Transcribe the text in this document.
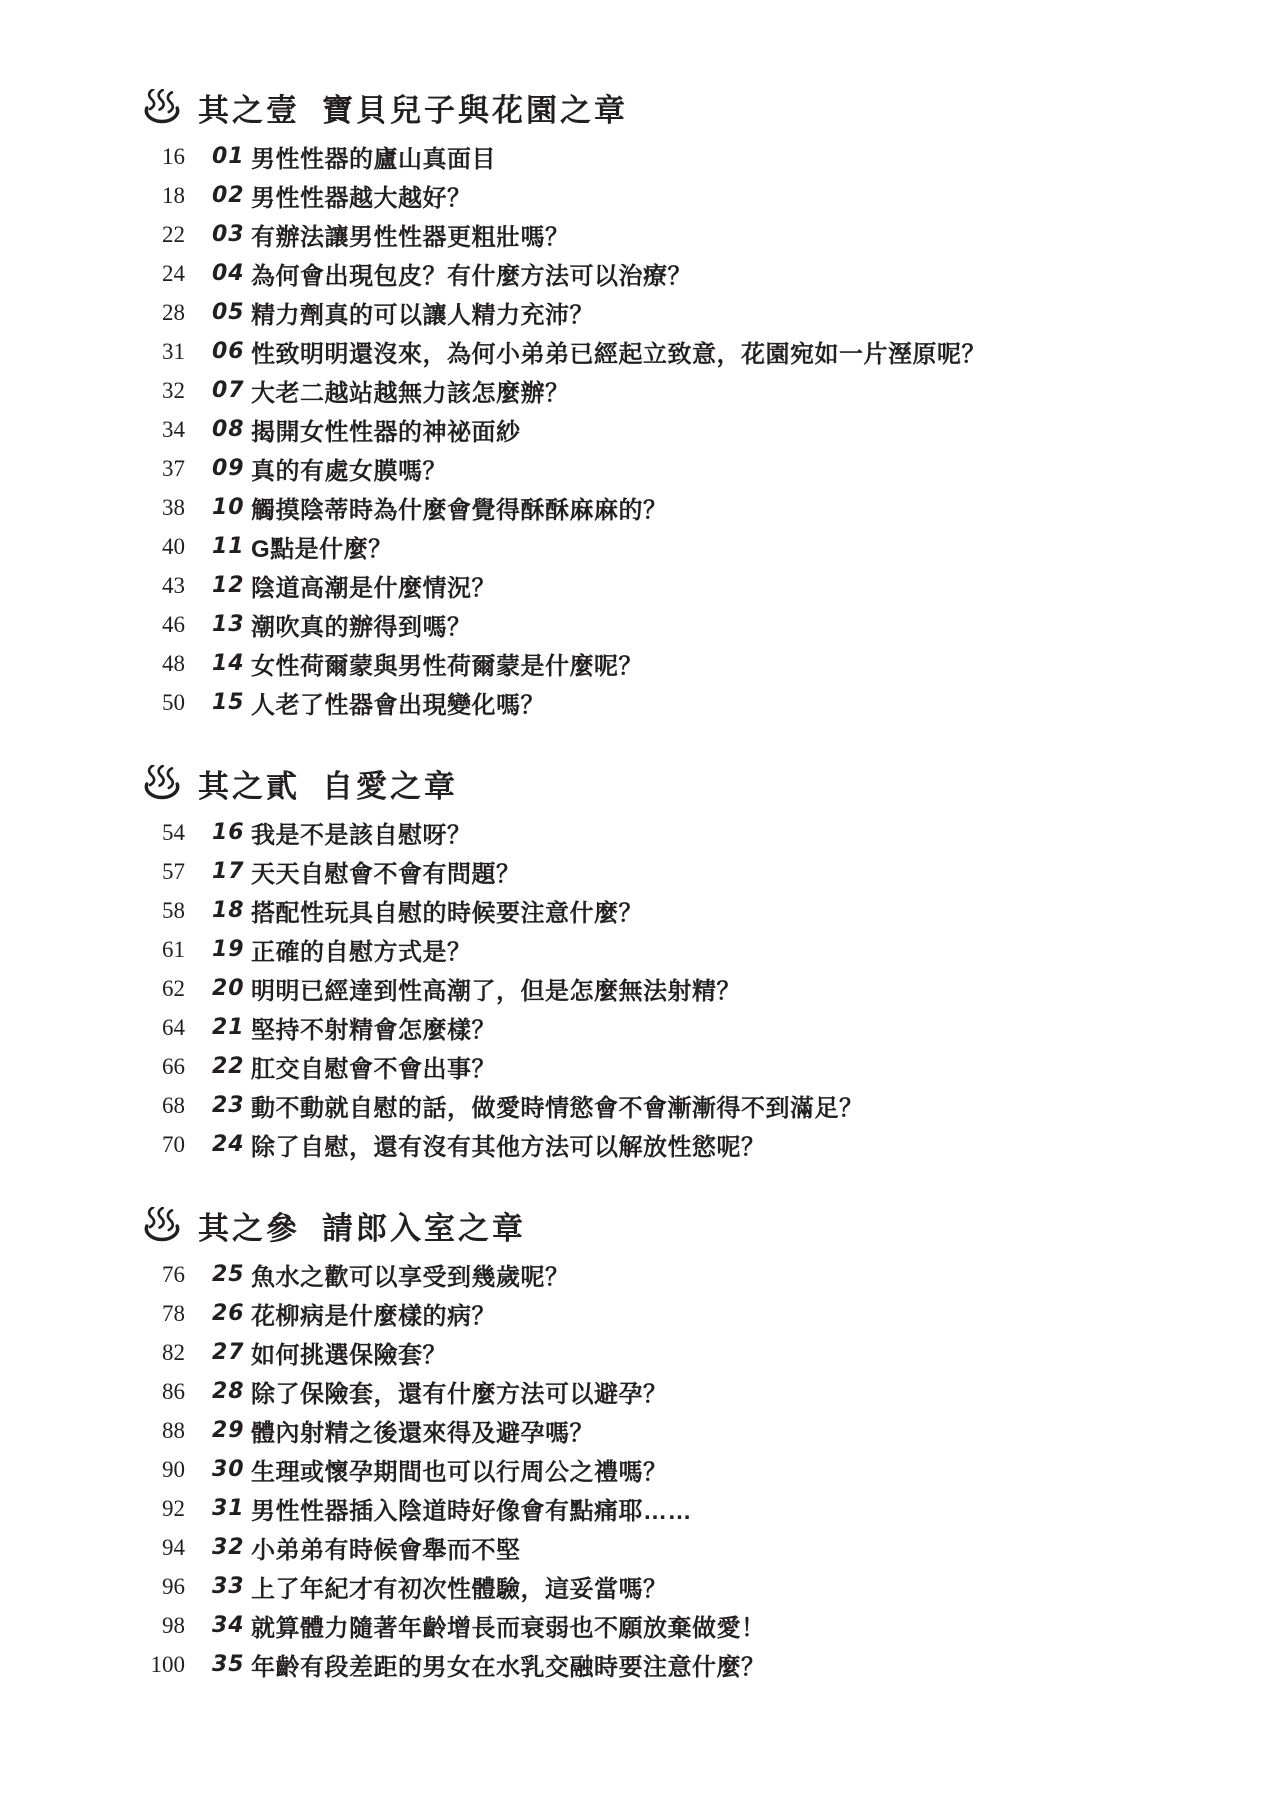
其之壹 寶貝兒子與花園之章
16 01 男性性器的廬山真面目
18 02 男性性器越大越好？
22 03 有辦法讓男性性器更粗壯嗎？
24 04 為何會出現包皮？有什麼方法可以治療？
28 05 精力劑真的可以讓人精力充沛？
31 06 性致明明還沒來，為何小弟弟已經起立致意，花園宛如一片溼原呢？
32 07 大老二越站越無力該怎麼辦？
34 08 揭開女性性器的神祕面紗
37 09 真的有處女膜嗎？
38 10 觸摸陰蒂時為什麼會覺得酥酥麻麻的？
40 11 G點是什麼？
43 12 陰道高潮是什麼情況？
46 13 潮吹真的辦得到嗎？
48 14 女性荷爾蒙與男性荷爾蒙是什麼呢？
50 15 人老了性器會出現變化嗎？
其之貳 自愛之章
54 16 我是不是該自慰呀？
57 17 天天自慰會不會有問題？
58 18 搭配性玩具自慰的時候要注意什麼？
61 19 正確的自慰方式是？
62 20 明明已經達到性高潮了，但是怎麼無法射精？
64 21 堅持不射精會怎麼樣？
66 22 肛交自慰會不會出事？
68 23 動不動就自慰的話，做愛時情慾會不會漸漸得不到滿足？
70 24 除了自慰，還有沒有其他方法可以解放性慾呢？
其之參 請郎入室之章
76 25 魚水之歡可以享受到幾歲呢？
78 26 花柳病是什麼樣的病？
82 27 如何挑選保險套？
86 28 除了保險套，還有什麼方法可以避孕？
88 29 體內射精之後還來得及避孕嗎？
90 30 生理或懷孕期間也可以行周公之禮嗎？
92 31 男性性器插入陰道時好像會有點痛耶……
94 32 小弟弟有時候會舉而不堅
96 33 上了年紀才有初次性體驗，這妥當嗎？
98 34 就算體力隨著年齡增長而衰弱也不願放棄做愛！
100 35 年齡有段差距的男女在水乳交融時要注意什麼？
